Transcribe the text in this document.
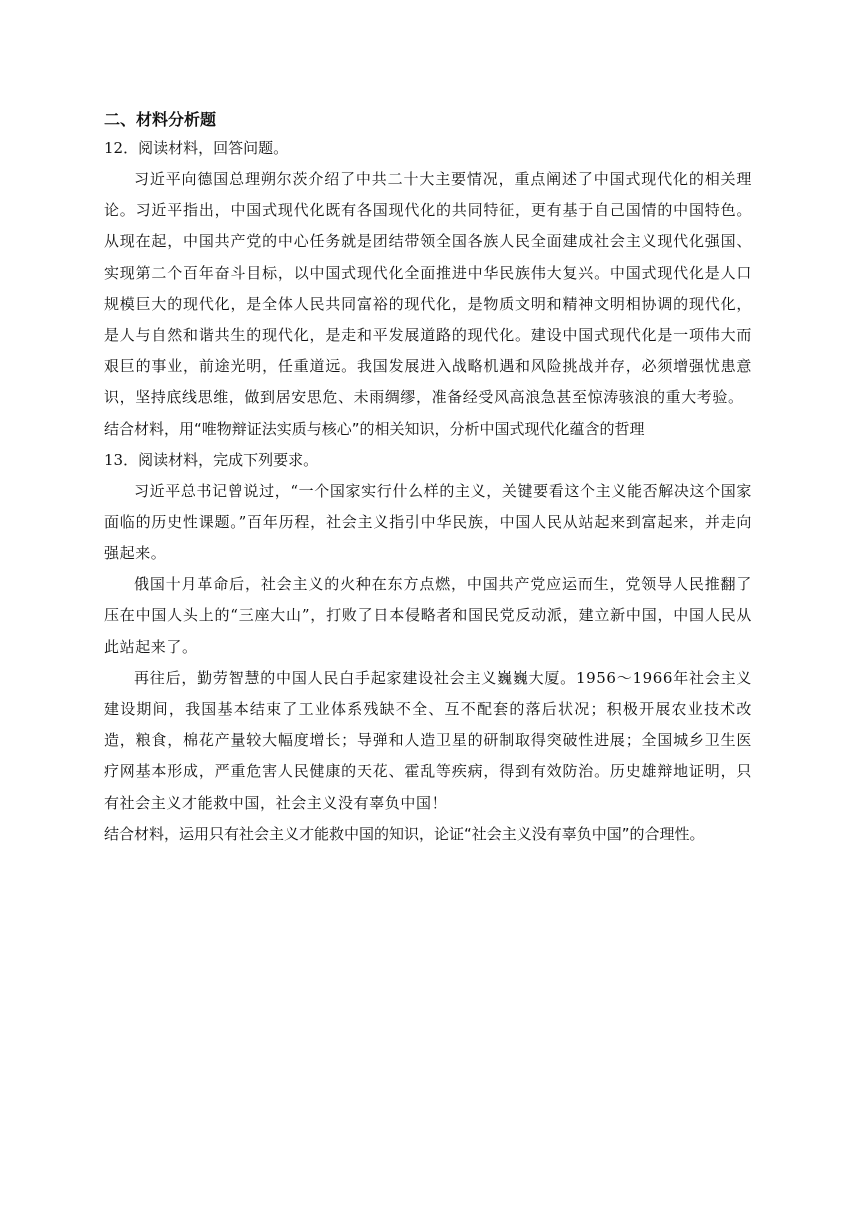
二、材料分析题

12．阅读材料，回答问题。

习近平向德国总理朔尔茨介绍了中共二十大主要情况，重点阐述了中国式现代化的相关理论。习近平指出，中国式现代化既有各国现代化的共同特征，更有基于自己国情的中国特色。从现在起，中国共产党的中心任务就是团结带领全国各族人民全面建成社会主义现代化强国、实现第二个百年奋斗目标，以中国式现代化全面推进中华民族伟大复兴。中国式现代化是人口规模巨大的现代化，是全体人民共同富裕的现代化，是物质文明和精神文明相协调的现代化，是人与自然和谐共生的现代化，是走和平发展道路的现代化。建设中国式现代化是一项伟大而艰巨的事业，前途光明，任重道远。我国发展进入战略机遇和风险挑战并存，必须增强忧患意识，坚持底线思维，做到居安思危、未雨绸缪，准备经受风高浪急甚至惊涛骇浪的重大考验。

结合材料，用“唯物辩证法实质与核心”的相关知识，分析中国式现代化蕴含的哲理

13．阅读材料，完成下列要求。

习近平总书记曾说过，“一个国家实行什么样的主义，关键要看这个主义能否解决这个国家面临的历史性课题。”百年历程，社会主义指引中华民族，中国人民从站起来到富起来，并走向强起来。

俄国十月革命后，社会主义的火种在东方点燃，中国共产党应运而生，党领导人民推翻了压在中国人头上的“三座大山”，打败了日本侵略者和国民党反动派，建立新中国，中国人民从此站起来了。

再往后，勤劳智慧的中国人民白手起家建设社会主义巍巍大厦。1956～1966年社会主义建设期间，我国基本结束了工业体系残缺不全、互不配套的落后状况；积极开展农业技术改造，粮食，棉花产量较大幅度增长；导弹和人造卫星的研制取得突破性进展；全国城乡卫生医疗网基本形成，严重危害人民健康的天花、霍乱等疾病，得到有效防治。历史雄辩地证明，只有社会主义才能救中国，社会主义没有辜负中国！

结合材料，运用只有社会主义才能救中国的知识，论证“社会主义没有辜负中国”的合理性。
